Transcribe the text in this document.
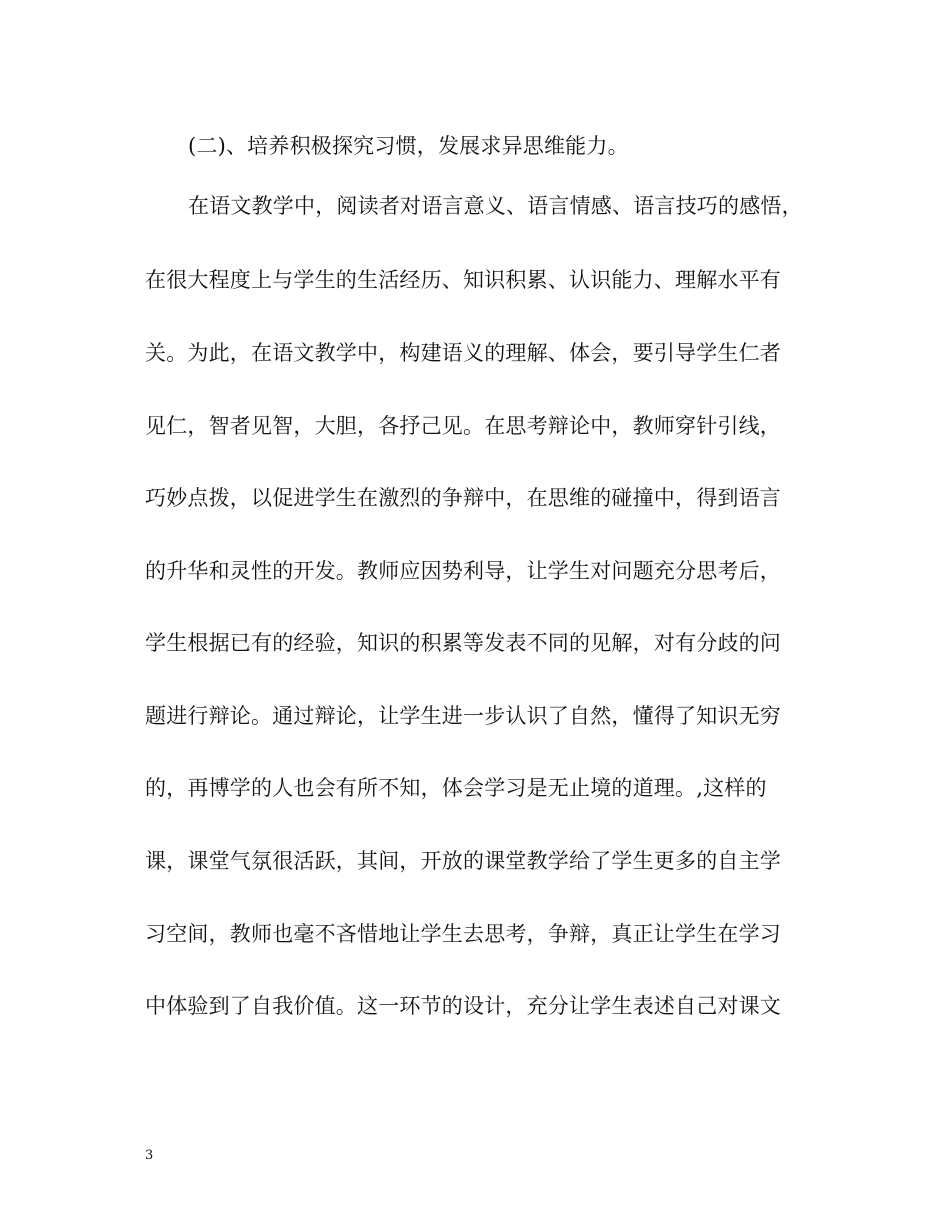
(二)、培养积极探究习惯，发展求异思维能力。
在语文教学中，阅读者对语言意义、语言情感、语言技巧的感悟，
在很大程度上与学生的生活经历、知识积累、认识能力、理解水平有
关。为此，在语文教学中，构建语义的理解、体会，要引导学生仁者
见仁，智者见智，大胆，各抒己见。在思考辩论中，教师穿针引线，
巧妙点拨，以促进学生在激烈的争辩中，在思维的碰撞中，得到语言
的升华和灵性的开发。教师应因势利导，让学生对问题充分思考后，
学生根据已有的经验，知识的积累等发表不同的见解，对有分歧的问
题进行辩论。通过辩论，让学生进一步认识了自然，懂得了知识无穷
的，再博学的人也会有所不知，体会学习是无止境的道理。,这样的
课，课堂气氛很活跃，其间，开放的课堂教学给了学生更多的自主学
习空间，教师也毫不吝惜地让学生去思考，争辩，真正让学生在学习
中体验到了自我价值。这一环节的设计，充分让学生表述自己对课文
3
